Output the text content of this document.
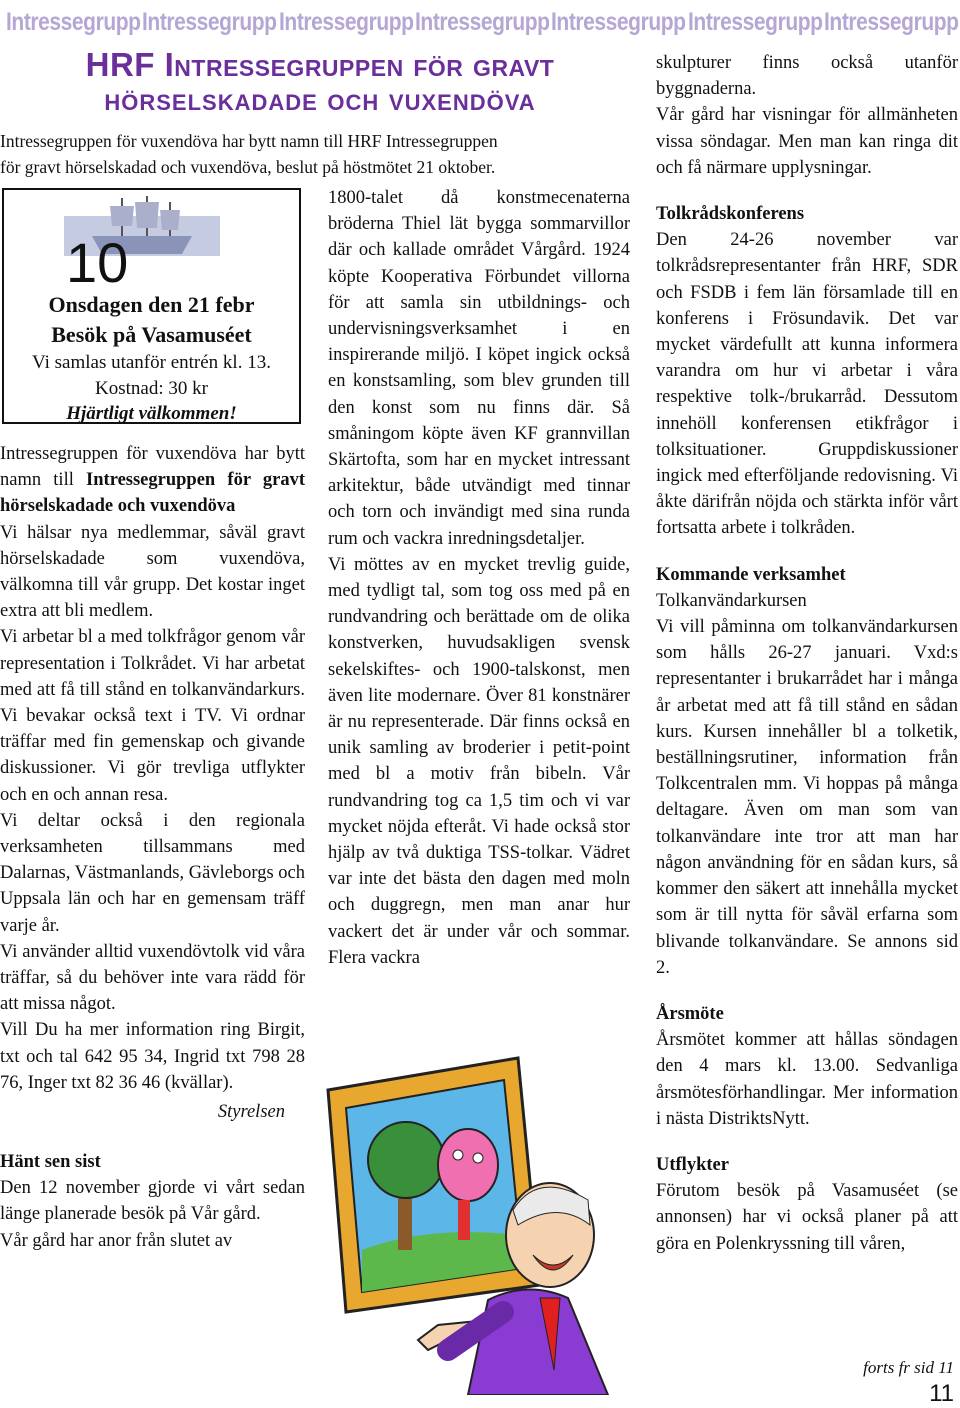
Intressegrupp Intressegrupp Intressegrupp Intressegrupp Intressegrupp Intressegrupp Intressegrupp
HRF Intressegruppen för gravt
hörselskadade och vuxendöva
Intressegruppen för vuxendöva har bytt namn till HRF Intressegruppen
för gravt hörselskadad och vuxendöva, beslut på höstmötet 21 oktober.
10
Onsdagen den 21 febr
Besök på Vasamuséet
Vi samlas utanför entrén kl. 13.
Kostnad: 30 kr
Hjärtligt välkommen!

Intressegruppen för vuxendöva har bytt namn till Intressegruppen för gravt hörselskadade och vuxendöva

Vi hälsar nya medlemmar, såväl gravt hörselskadade som vuxendöva, välkomna till vår grupp. Det kostar inget extra att bli medlem.

Vi arbetar bl a med tolkfrågor genom vår representation i Tolkrådet. Vi har arbetat med att få till stånd en tolkanvändarkurs. Vi bevakar också text i TV. Vi ordnar träffar med fin gemenskap och givande diskussioner. Vi gör trevliga utflykter och en och annan resa.

Vi deltar också i den regionala verksamheten tillsammans med Dalarnas, Västmanlands, Gävleborgs och Uppsala län och har en gemensam träff varje år.

Vi använder alltid vuxendövtolk vid våra träffar, så du behöver inte vara rädd för att missa något.

Vill Du ha mer information ring Birgit, txt och tal 642 95 34, Ingrid txt 798 28 76, Inger txt 82 36 46 (kvällar).

Styrelsen

Hänt sen sist

Den 12 november gjorde vi vårt sedan länge planerade besök på Vår gård.

Vår gård har anor från slutet av

1800-talet då konstmecenaterna bröderna Thiel lät bygga sommarvillor där och kallade området Vårgård. 1924 köpte Kooperativa Förbundet villorna för att samla sin utbildnings- och undervisningsverksamhet i en inspirerande miljö. I köpet ingick också en konstsamling, som blev grunden till den konst som nu finns där. Så småningom köpte även KF grannvillan Skärtofta, som har en mycket intressant arkitektur, både utvändigt med tinnar och torn och invändigt med sina runda rum och vackra inredningsdetaljer.

Vi möttes av en mycket trevlig guide, med tydligt tal, som tog oss med på en rundvandring och berättade om de olika konstverken, huvudsakligen svensk sekelskiftes- och 1900-talskonst, men även lite modernare. Över 81 konstnärer är nu representerade. Där finns också en unik samling av broderier i petit-point med bl a motiv från bibeln. Vår rundvandring tog ca 1,5 tim och vi var mycket nöjda efteråt. Vi hade också stor hjälp av två duktiga TSS-tolkar. Vädret var inte det bästa den dagen med moln och duggregn, men man anar hur vackert det är under vår och sommar. Flera vackra

skulpturer finns också utanför byggnaderna.

Vår gård har visningar för allmänheten vissa söndagar. Men man kan ringa dit och få närmare upplysningar.

Tolkrådskonferens

Den 24-26 november var tolkrådsrepresentanter från HRF, SDR och FSDB i fem län församlade till en konferens i Frösundavik. Det var mycket värdefullt att kunna informera varandra om hur vi arbetar i våra respektive tolk-/brukarråd. Dessutom innehöll konferensen etikfrågor i tolksituationer. Gruppdiskussioner ingick med efterföljande redovisning. Vi åkte därifrån nöjda och stärkta inför vårt fortsatta arbete i tolkråden.

Kommande verksamhet

Tolkanvändarkursen

Vi vill påminna om tolkanvändarkursen som hålls 26-27 januari. Vxd:s representanter i brukarrådet har i många år arbetat med att få till stånd en sådan kurs. Kursen innehåller bl a tolketik, beställningsrutiner, information från Tolkcentralen mm. Vi hoppas på många deltagare. Även om man som van tolkanvändare inte tror att man har någon användning för en sådan kurs, så kommer den säkert att innehålla mycket som är till nytta för såväl erfarna som blivande tolkanvändare. Se annons sid 2.

Årsmöte

Årsmötet kommer att hållas söndagen den 4 mars kl. 13.00. Sedvanliga årsmötesförhandlingar. Mer information i nästa DistriktsNytt.

Utflykter

Förutom besök på Vasamuséet (se annonsen) har vi också planer på att göra en Polenkryssning till våren,

forts fr sid 11
11
